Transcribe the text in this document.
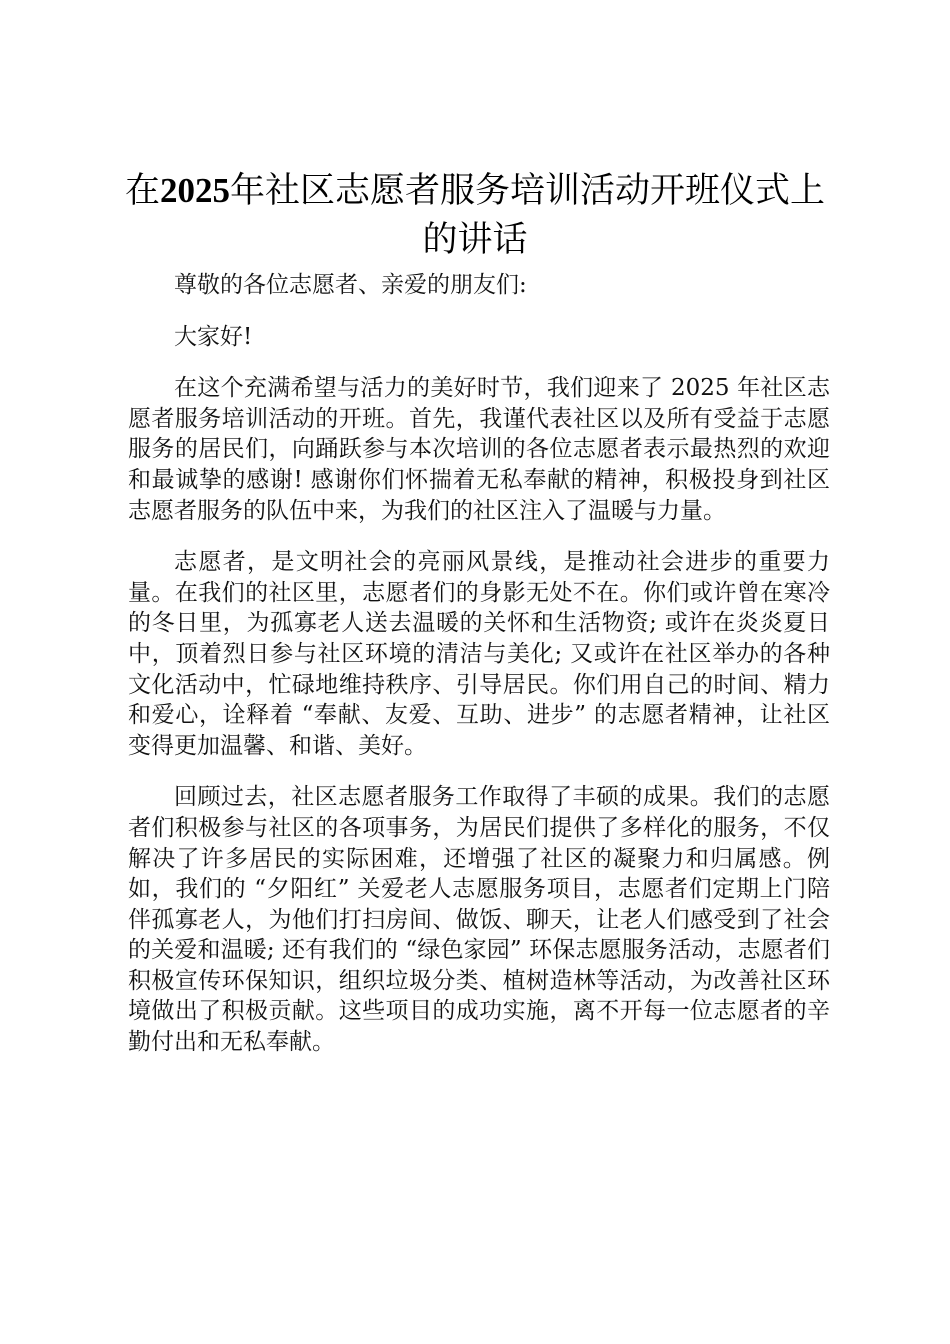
在2025年社区志愿者服务培训活动开班仪式上的讲话

尊敬的各位志愿者、亲爱的朋友们:

大家好!

在这个充满希望与活力的美好时节，我们迎来了 2025 年社区志愿者服务培训活动的开班。首先，我谨代表社区以及所有受益于志愿服务的居民们，向踊跃参与本次培训的各位志愿者表示最热烈的欢迎和最诚挚的感谢! 感谢你们怀揣着无私奉献的精神，积极投身到社区志愿者服务的队伍中来，为我们的社区注入了温暖与力量。

志愿者，是文明社会的亮丽风景线，是推动社会进步的重要力量。在我们的社区里，志愿者们的身影无处不在。你们或许曾在寒冷的冬日里，为孤寡老人送去温暖的关怀和生活物资; 或许在炎炎夏日中，顶着烈日参与社区环境的清洁与美化; 又或许在社区举办的各种文化活动中，忙碌地维持秩序、引导居民。你们用自己的时间、精力和爱心，诠释着 “奉献、友爱、互助、进步” 的志愿者精神，让社区变得更加温馨、和谐、美好。

回顾过去，社区志愿者服务工作取得了丰硕的成果。我们的志愿者们积极参与社区的各项事务，为居民们提供了多样化的服务，不仅解决了许多居民的实际困难，还增强了社区的凝聚力和归属感。例如，我们的 “夕阳红” 关爱老人志愿服务项目，志愿者们定期上门陪伴孤寡老人，为他们打扫房间、做饭、聊天，让老人们感受到了社会的关爱和温暖; 还有我们的 “绿色家园” 环保志愿服务活动，志愿者们积极宣传环保知识，组织垃圾分类、植树造林等活动，为改善社区环境做出了积极贡献。这些项目的成功实施，离不开每一位志愿者的辛勤付出和无私奉献。
